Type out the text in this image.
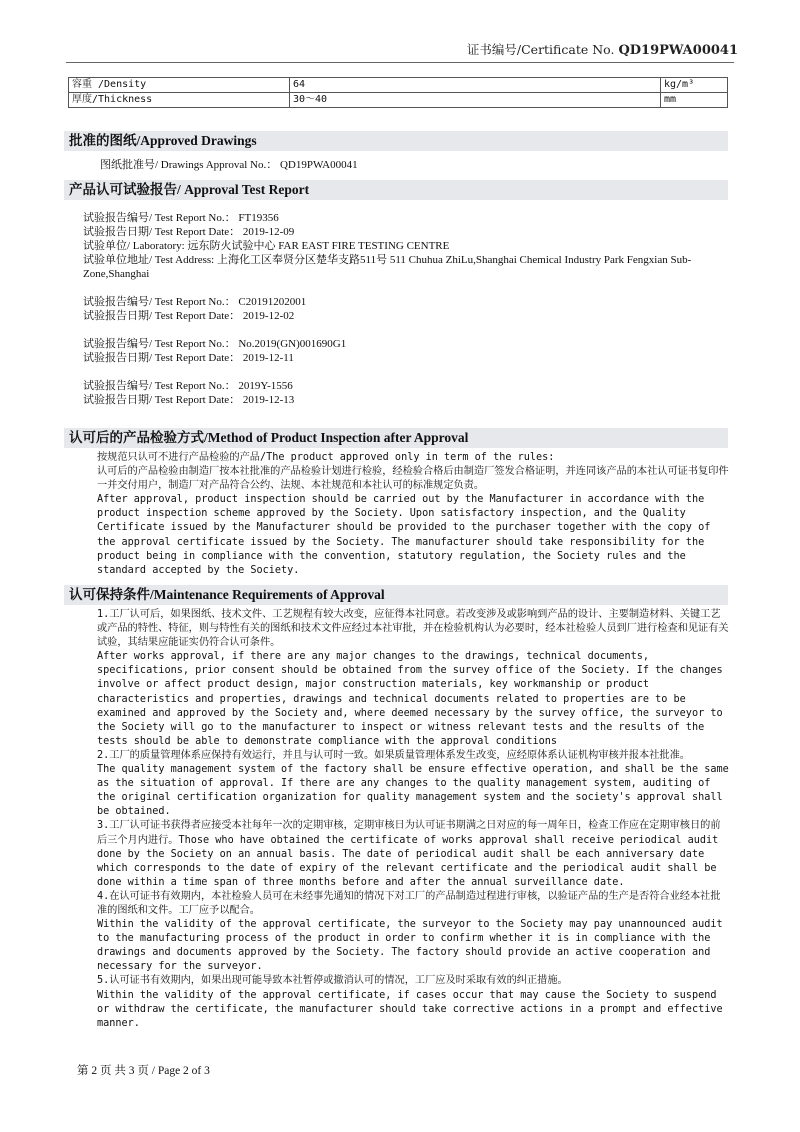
证书编号/Certificate No. QD19PWA00041
容重 /Density	64	kg/m³
厚度/Thickness	30～40	mm
批准的图纸/Approved Drawings
图纸批准号/ Drawings Approval No.： QD19PWA00041
产品认可试验报告/ Approval Test Report
试验报告编号/ Test Report No.： FT19356
试验报告日期/ Test Report Date： 2019-12-09
试验单位/ Laboratory: 远东防火试验中心 FAR EAST FIRE TESTING CENTRE
试验单位地址/ Test Address: 上海化工区奉贤分区楚华支路511号 511 Chuhua ZhiLu,Shanghai Chemical Industry Park Fengxian Sub-Zone,Shanghai
试验报告编号/ Test Report No.： C20191202001
试验报告日期/ Test Report Date： 2019-12-02
试验报告编号/ Test Report No.： No.2019(GN)001690G1
试验报告日期/ Test Report Date： 2019-12-11
试验报告编号/ Test Report No.： 2019Y-1556
试验报告日期/ Test Report Date： 2019-12-13
认可后的产品检验方式/Method of Product Inspection after Approval
按规范只认可不进行产品检验的产品/The product approved only in term of the rules:
认可后的产品检验由制造厂按本社批准的产品检验计划进行检验，经检验合格后由制造厂签发合格证明，并连同该产品的本社认可证书复印件一并交付用户，制造厂对产品符合公约、法规、本社规范和本社认可的标准规定负责。
After approval, product inspection should be carried out by the Manufacturer in accordance with the product inspection scheme approved by the Society. Upon satisfactory inspection, and the Quality Certificate issued by the Manufacturer should be provided to the purchaser together with the copy of the approval certificate issued by the Society. The manufacturer should take responsibility for the product being in compliance with the convention, statutory regulation, the Society rules and the standard accepted by the Society.
认可保持条件/Maintenance Requirements of Approval
1.工厂认可后，如果图纸、技术文件、工艺规程有较大改变，应征得本社同意。若改变涉及或影响到产品的设计、主要制造材料、关键工艺或产品的特性、特征，则与特性有关的图纸和技术文件应经过本社审批，并在检验机构认为必要时，经本社检验人员到厂进行检查和见证有关试验，其结果应能证实仍符合认可条件。
After works approval, if there are any major changes to the drawings, technical documents, specifications, prior consent should be obtained from the survey office of the Society. If the changes involve or affect product design, major construction materials, key workmanship or product characteristics and properties, drawings and technical documents related to properties are to be examined and approved by the Society and, where deemed necessary by the survey office, the surveyor to the Society will go to the manufacturer to inspect or witness relevant tests and the results of the tests should be able to demonstrate compliance with the approval conditions
2.工厂的质量管理体系应保持有效运行，并且与认可时一致。如果质量管理体系发生改变，应经原体系认证机构审核并报本社批准。
The quality management system of the factory shall be ensure effective operation, and shall be the same as the situation of approval. If there are any changes to the quality management system, auditing of the original certification organization for quality management system and the society's approval shall be obtained.
3.工厂认可证书获得者应接受本社每年一次的定期审核，定期审核日为认可证书期满之日对应的每一周年日，检查工作应在定期审核日的前后三个月内进行。Those who have obtained the certificate of works approval shall receive periodical audit done by the Society on an annual basis. The date of periodical audit shall be each anniversary date which corresponds to the date of expiry of the relevant certificate and the periodical audit shall be done within a time span of three months before and after the annual surveillance date.
4.在认可证书有效期内，本社检验人员可在未经事先通知的情况下对工厂的产品制造过程进行审核，以验证产品的生产是否符合业经本社批准的图纸和文件。工厂应予以配合。
Within the validity of the approval certificate, the surveyor to the Society may pay unannounced audit to the manufacturing process of the product in order to confirm whether it is in compliance with the drawings and documents approved by the Society. The factory should provide an active cooperation and necessary for the surveyor.
5.认可证书有效期内，如果出现可能导致本社暂停或撤消认可的情况，工厂应及时采取有效的纠正措施。
Within the validity of the approval certificate, if cases occur that may cause the Society to suspend or withdraw the certificate, the manufacturer should take corrective actions in a prompt and effective manner.
第 2 页 共 3 页 / Page 2 of 3
